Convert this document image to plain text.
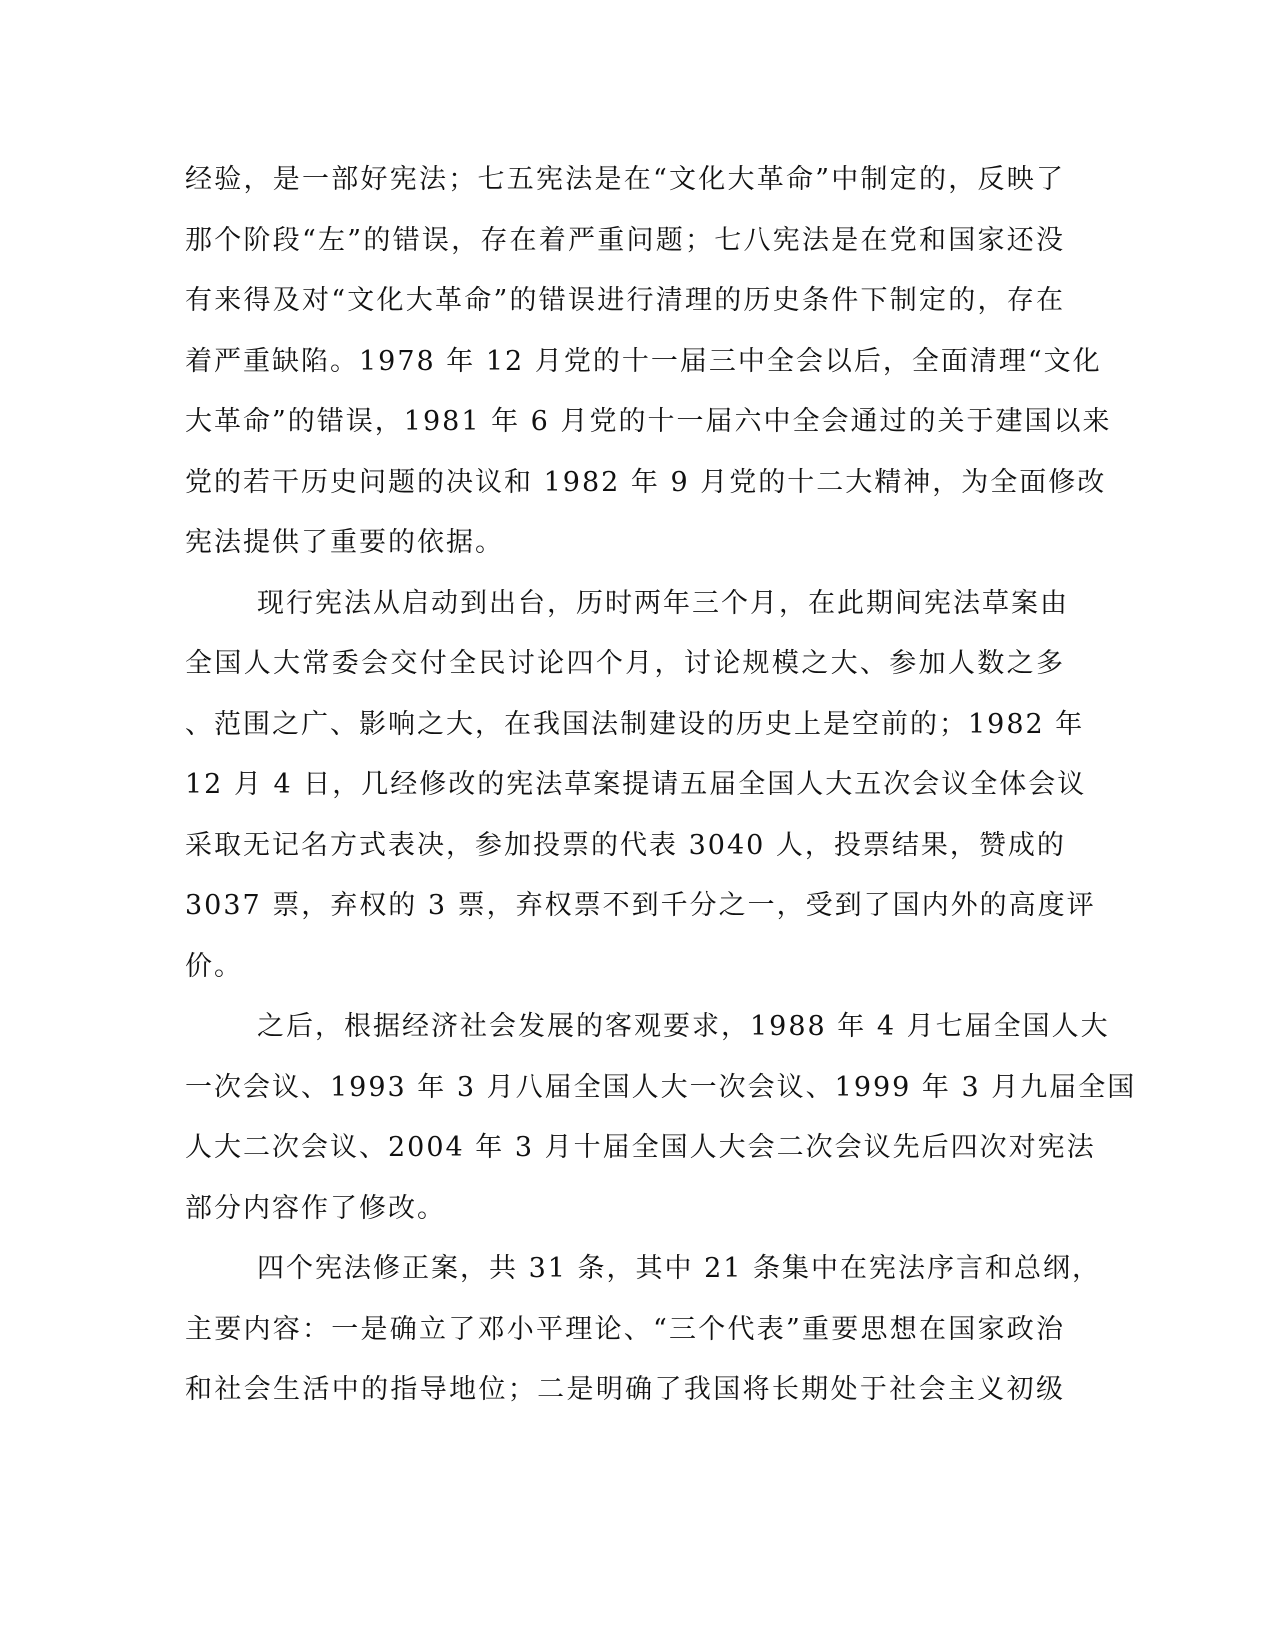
经验，是一部好宪法；七五宪法是在“文化大革命”中制定的，反映了
那个阶段“左”的错误，存在着严重问题；七八宪法是在党和国家还没
有来得及对“文化大革命”的错误进行清理的历史条件下制定的，存在
着严重缺陷。1978 年 12 月党的十一届三中全会以后，全面清理“文化
大革命”的错误，1981 年 6 月党的十一届六中全会通过的关于建国以来
党的若干历史问题的决议和 1982 年 9 月党的十二大精神，为全面修改
宪法提供了重要的依据。
现行宪法从启动到出台，历时两年三个月，在此期间宪法草案由
全国人大常委会交付全民讨论四个月，讨论规模之大、参加人数之多
、范围之广、影响之大，在我国法制建设的历史上是空前的；1982 年
12 月 4 日，几经修改的宪法草案提请五届全国人大五次会议全体会议
采取无记名方式表决，参加投票的代表 3040 人，投票结果，赞成的
3037 票，弃权的 3 票，弃权票不到千分之一，受到了国内外的高度评
价。
之后，根据经济社会发展的客观要求，1988 年 4 月七届全国人大
一次会议、1993 年 3 月八届全国人大一次会议、1999 年 3 月九届全国
人大二次会议、2004 年 3 月十届全国人大会二次会议先后四次对宪法
部分内容作了修改。
四个宪法修正案，共 31 条，其中 21 条集中在宪法序言和总纲，
主要内容：一是确立了邓小平理论、“三个代表”重要思想在国家政治
和社会生活中的指导地位；二是明确了我国将长期处于社会主义初级
